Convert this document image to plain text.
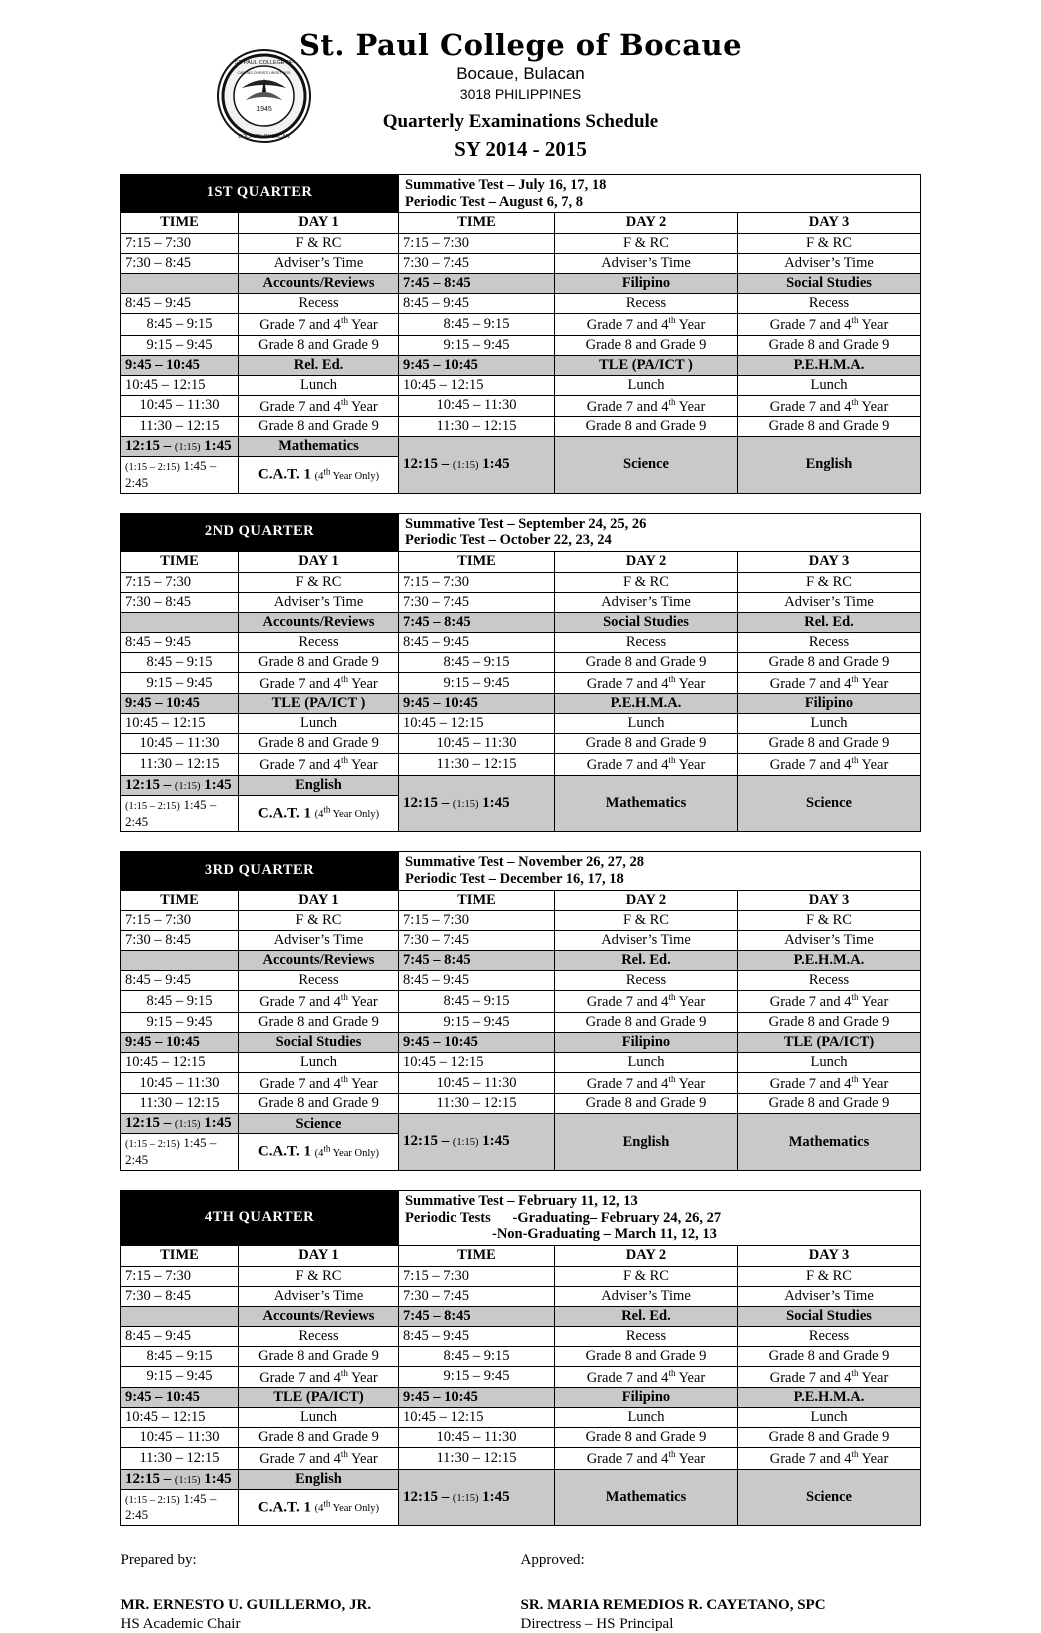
1945
ST. PAUL COLLEGE OF
BOCAUE, BULACAN
CARITAS CHRISTI URGET NOS
St. Paul College of Bocaue
Bocaue, Bulacan
3018 PHILIPPINES
Quarterly Examinations Schedule
SY 2014 - 2015
1ST QUARTER		Summative Test – July 16, 17, 18
Periodic Test – August 6, 7, 8		

TIME	DAY 1	TIME	DAY 2	DAY 3
7:15 – 7:30	F & RC	7:15 – 7:30	F & RC	F & RC
7:30 – 8:45	Adviser’s Time	7:30 – 7:45	Adviser’s Time	Adviser’s Time
	Accounts/Reviews	7:45 – 8:45	Filipino	Social Studies
8:45 – 9:45	Recess	8:45 – 9:45	Recess	Recess
8:45 – 9:15	Grade 7 and 4th Year	8:45 – 9:15	Grade 7 and 4th Year	Grade 7 and 4th Year
9:15 – 9:45	Grade 8 and Grade 9	9:15 – 9:45	Grade 8 and Grade 9	Grade 8 and Grade 9
9:45 – 10:45	Rel. Ed.	9:45 – 10:45	TLE (PA/ICT )	P.E.H.M.A.
10:45 – 12:15	Lunch	10:45 – 12:15	Lunch	Lunch
10:45 – 11:30	Grade 7 and 4th Year	10:45 – 11:30	Grade 7 and 4th Year	Grade 7 and 4th Year
11:30 – 12:15	Grade 8 and Grade 9	11:30 – 12:15	Grade 8 and Grade 9	Grade 8 and Grade 9
12:15 – (1:15) 1:45	Mathematics	12:15 – (1:15) 1:45	Science	English
(1:15 – 2:15) 1:45 – 2:45	C.A.T. 1 (4th Year Only)			
2ND QUARTER		Summative Test – September 24, 25, 26
Periodic Test – October 22, 23, 24		

TIME	DAY 1	TIME	DAY 2	DAY 3
7:15 – 7:30	F & RC	7:15 – 7:30	F & RC	F & RC
7:30 – 8:45	Adviser’s Time	7:30 – 7:45	Adviser’s Time	Adviser’s Time
	Accounts/Reviews	7:45 – 8:45	Social Studies	Rel. Ed.
8:45 – 9:45	Recess	8:45 – 9:45	Recess	Recess
8:45 – 9:15	Grade 8 and Grade 9	8:45 – 9:15	Grade 8 and Grade 9	Grade 8 and Grade 9
9:15 – 9:45	Grade 7 and 4th Year	9:15 – 9:45	Grade 7 and 4th Year	Grade 7 and 4th Year
9:45 – 10:45	TLE (PA/ICT )	9:45 – 10:45	P.E.H.M.A.	Filipino
10:45 – 12:15	Lunch	10:45 – 12:15	Lunch	Lunch
10:45 – 11:30	Grade 8 and Grade 9	10:45 – 11:30	Grade 8 and Grade 9	Grade 8 and Grade 9
11:30 – 12:15	Grade 7 and 4th Year	11:30 – 12:15	Grade 7 and 4th Year	Grade 7 and 4th Year
12:15 – (1:15) 1:45	English	12:15 – (1:15) 1:45	Mathematics	Science
(1:15 – 2:15) 1:45 – 2:45	C.A.T. 1 (4th Year Only)			
3RD QUARTER		Summative Test – November 26, 27, 28
Periodic Test – December 16, 17, 18		

TIME	DAY 1	TIME	DAY 2	DAY 3
7:15 – 7:30	F & RC	7:15 – 7:30	F & RC	F & RC
7:30 – 8:45	Adviser’s Time	7:30 – 7:45	Adviser’s Time	Adviser’s Time
	Accounts/Reviews	7:45 – 8:45	Rel. Ed.	P.E.H.M.A.
8:45 – 9:45	Recess	8:45 – 9:45	Recess	Recess
8:45 – 9:15	Grade 7 and 4th Year	8:45 – 9:15	Grade 7 and 4th Year	Grade 7 and 4th Year
9:15 – 9:45	Grade 8 and Grade 9	9:15 – 9:45	Grade 8 and Grade 9	Grade 8 and Grade 9
9:45 – 10:45	Social Studies	9:45 – 10:45	Filipino	TLE (PA/ICT)
10:45 – 12:15	Lunch	10:45 – 12:15	Lunch	Lunch
10:45 – 11:30	Grade 7 and 4th Year	10:45 – 11:30	Grade 7 and 4th Year	Grade 7 and 4th Year
11:30 – 12:15	Grade 8 and Grade 9	11:30 – 12:15	Grade 8 and Grade 9	Grade 8 and Grade 9
12:15 – (1:15) 1:45	Science	12:15 – (1:15) 1:45	English	Mathematics
(1:15 – 2:15) 1:45 – 2:45	C.A.T. 1 (4th Year Only)			
4TH QUARTER		Summative Test – February 11, 12, 13
Periodic Tests      -Graduating– February 24, 26, 27
-Non-Graduating – March 11, 12, 13		

TIME	DAY 1	TIME	DAY 2	DAY 3
7:15 – 7:30	F & RC	7:15 – 7:30	F & RC	F & RC
7:30 – 8:45	Adviser’s Time	7:30 – 7:45	Adviser’s Time	Adviser’s Time
	Accounts/Reviews	7:45 – 8:45	Rel. Ed.	Social Studies
8:45 – 9:45	Recess	8:45 – 9:45	Recess	Recess
8:45 – 9:15	Grade 8 and Grade 9	8:45 – 9:15	Grade 8 and Grade 9	Grade 8 and Grade 9
9:15 – 9:45	Grade 7 and 4th Year	9:15 – 9:45	Grade 7 and 4th Year	Grade 7 and 4th Year
9:45 – 10:45	TLE (PA/ICT)	9:45 – 10:45	Filipino	P.E.H.M.A.
10:45 – 12:15	Lunch	10:45 – 12:15	Lunch	Lunch
10:45 – 11:30	Grade 8 and Grade 9	10:45 – 11:30	Grade 8 and Grade 9	Grade 8 and Grade 9
11:30 – 12:15	Grade 7 and 4th Year	11:30 – 12:15	Grade 7 and 4th Year	Grade 7 and 4th Year
12:15 – (1:15) 1:45	English	12:15 – (1:15) 1:45	Mathematics	Science
(1:15 – 2:15) 1:45 – 2:45	C.A.T. 1 (4th Year Only)			
Prepared by:
MR. ERNESTO U. GUILLERMO, JR.
HS Academic Chair
Approved:
SR. MARIA REMEDIOS R. CAYETANO, SPC
Directress – HS Principal
